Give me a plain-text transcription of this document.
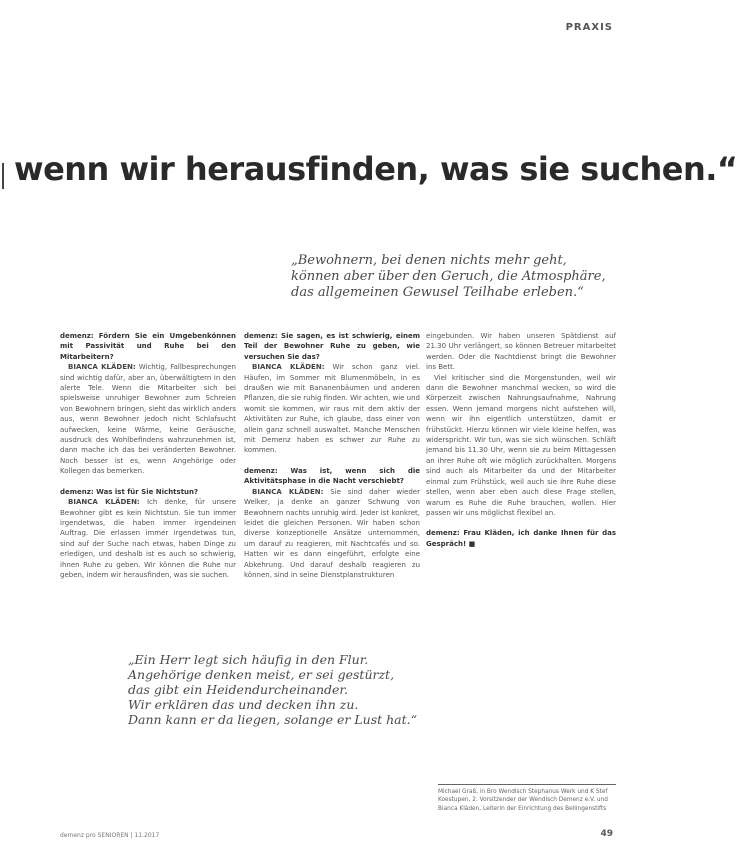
PRAXIS
wenn wir herausfinden, was sie suchen.“
„Bewohnern, bei denen nichts mehr geht,
können aber über den Geruch, die Atmosphäre,
das allgemeinen Gewusel Teilhabe erleben.“

demenz: Fördern Sie ein Umgebenkönnen mit Passivität und Ruhe bei den Mitarbeitern?

BIANCA KLÄDEN: Wichtig, Fallbesprechungen sind wichtig dafür, aber an, überwältigtern in den alerte Tele. Wenn die Mitarbeiter sich bei spielsweise unruhiger Bewohner zum Schreien von Bewohnern bringen, sieht das wirklich anders aus, wenn Bewohner jedoch nicht Schlafsucht aufwecken, keine Wärme, keine Geräusche, ausdruck des Wohlbefindens wahrzunehmen ist, dann mache ich das bei veränderten Bewohner. Noch besser ist es, wenn Angehörige oder Kollegen das bemerken.

demenz: Was ist für Sie Nichtstun?

BIANCA KLÄDEN: Ich denke, für unsere Bewohner gibt es kein Nichtstun. Sie tun immer irgendetwas, die haben immer irgendeinen Auftrag. Die erlassen immer irgendetwas tun, sind auf der Suche nach etwas, haben Dinge zu erledigen, und deshalb ist es auch so schwierig, ihnen Ruhe zu geben. Wir können die Ruhe nur geben, indem wir herausfinden, was sie suchen.

demenz: Sie sagen, es ist schwierig, einem Teil der Bewohner Ruhe zu geben, wie versuchen Sie das?

BIANCA KLÄDEN: Wir schon ganz viel. Häufen, im Sommer mit Blumenmöbeln, in es draußen wie mit Bananenbäumen und anderen Pflanzen, die sie ruhig finden. Wir achten, wie und womit sie kommen, wir raus mit dem aktiv der Aktivitäten zur Ruhe, ich glaube, dass einer von allein ganz schnell auswaltet. Manche Menschen mit Demenz haben es schwer zur Ruhe zu kommen.

demenz: Was ist, wenn sich die Aktivitätsphase in die Nacht verschiebt?

BIANCA KLÄDEN: Sie sind daher wieder Welker, ja denke an ganzer Schwung von Bewohnern nachts unruhig wird. Jeder ist konkret, leidet die gleichen Personen. Wir haben schon diverse konzeptionelle Ansätze unternommen, um darauf zu reagieren, mit Nachtcafés und so. Hatten wir es dann eingeführt, erfolgte eine Abkehrung. Und darauf deshalb reagieren zu können, sind in seine Dienstplanstrukturen

eingebunden. Wir haben unseren Spätdienst auf 21.30 Uhr verlängert, so können Betreuer mitarbeitet werden. Oder die Nachtdienst bringt die Bewohner ins Bett.

Viel kritischer sind die Morgenstunden, weil wir dann die Bewohner manchmal wecken, so wird die Körperzeit zwischen Nahrungsaufnahme, Nahrung essen. Wenn jemand morgens nicht aufstehen will, wenn wir ihn eigentlich unterstützen, damit er frühstückt. Hierzu können wir viele kleine helfen, was widerspricht. Wir tun, was sie sich wünschen. Schläft jemand bis 11.30 Uhr, wenn sie zu beim Mittagessen an ihrer Ruhe oft wie möglich zurückhalten. Morgens sind auch als Mitarbeiter da und der Mitarbeiter einmal zum Frühstück, weil auch sie ihre Ruhe diese stellen, wenn aber eben auch diese Frage stellen, warum es Ruhe die Ruhe brauchen, wollen. Hier passen wir uns möglichst flexibel an.

demenz: Frau Kläden, ich danke Ihnen für das Gespräch! ■

„Ein Herr legt sich häufig in den Flur.
Angehörige denken meist, er sei gestürzt,
das gibt ein Heidendurcheinander.
Wir erklären das und decken ihn zu.
Dann kann er da liegen, solange er Lust hat.“
Michael Graß, in Bro Wendisch Stephanus Werk und K Stef Koestupen, 2. Vorsitzender der Wendisch Demenz e.V. und Bianca Kläden, Leiterin der Einrichtung des Bellingenstifts
demenz pro SENIOREN | 11.2017	49
